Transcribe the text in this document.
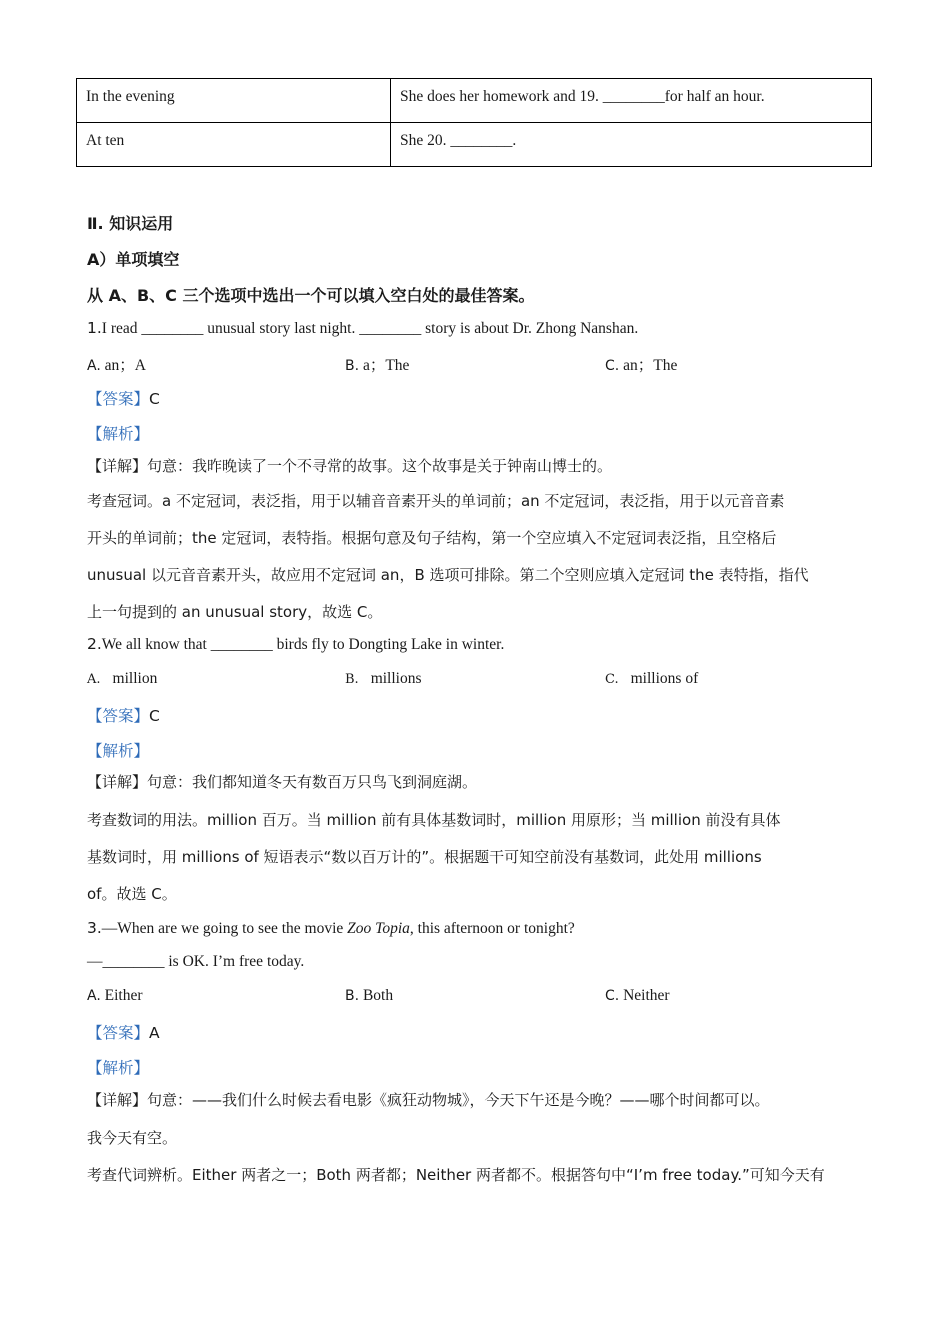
In the evening	She does her homework and 19. ________for half an hour.
At ten	She 20. ________.
Ⅱ. 知识运用
A）单项填空
从 A、B、C 三个选项中选出一个可以填入空白处的最佳答案。
1.I read ________ unusual story last night. ________ story is about Dr. Zhong Nanshan.
A. an；A	B. a；The	C. an；The
【答案】C
【解析】
【详解】句意：我昨晚读了一个不寻常的故事。这个故事是关于钟南山博士的。
考查冠词。a 不定冠词，表泛指，用于以辅音音素开头的单词前；an 不定冠词，表泛指，用于以元音音素
开头的单词前；the 定冠词，表特指。根据句意及句子结构，第一个空应填入不定冠词表泛指，且空格后
unusual 以元音音素开头，故应用不定冠词 an，B 选项可排除。第二个空则应填入定冠词 the 表特指，指代
上一句提到的 an unusual story，故选 C。
2.We all know that ________ birds fly to Dongting Lake in winter.
A. million	B. millions	C. millions of
【答案】C
【解析】
【详解】句意：我们都知道冬天有数百万只鸟飞到洞庭湖。
考查数词的用法。million 百万。当 million 前有具体基数词时，million 用原形；当 million 前没有具体
基数词时，用 millions of 短语表示“数以百万计的”。根据题干可知空前没有基数词，此处用 millions
of。故选 C。
3.—When are we going to see the movie Zoo Topia, this afternoon or tonight?
—________ is OK. I’m free today.
A. Either	B. Both	C. Neither
【答案】A
【解析】
【详解】句意：——我们什么时候去看电影《疯狂动物城》，今天下午还是今晚？——哪个时间都可以。
我今天有空。
考查代词辨析。Either 两者之一；Both 两者都；Neither 两者都不。根据答句中“I’m free today.”可知今天有
